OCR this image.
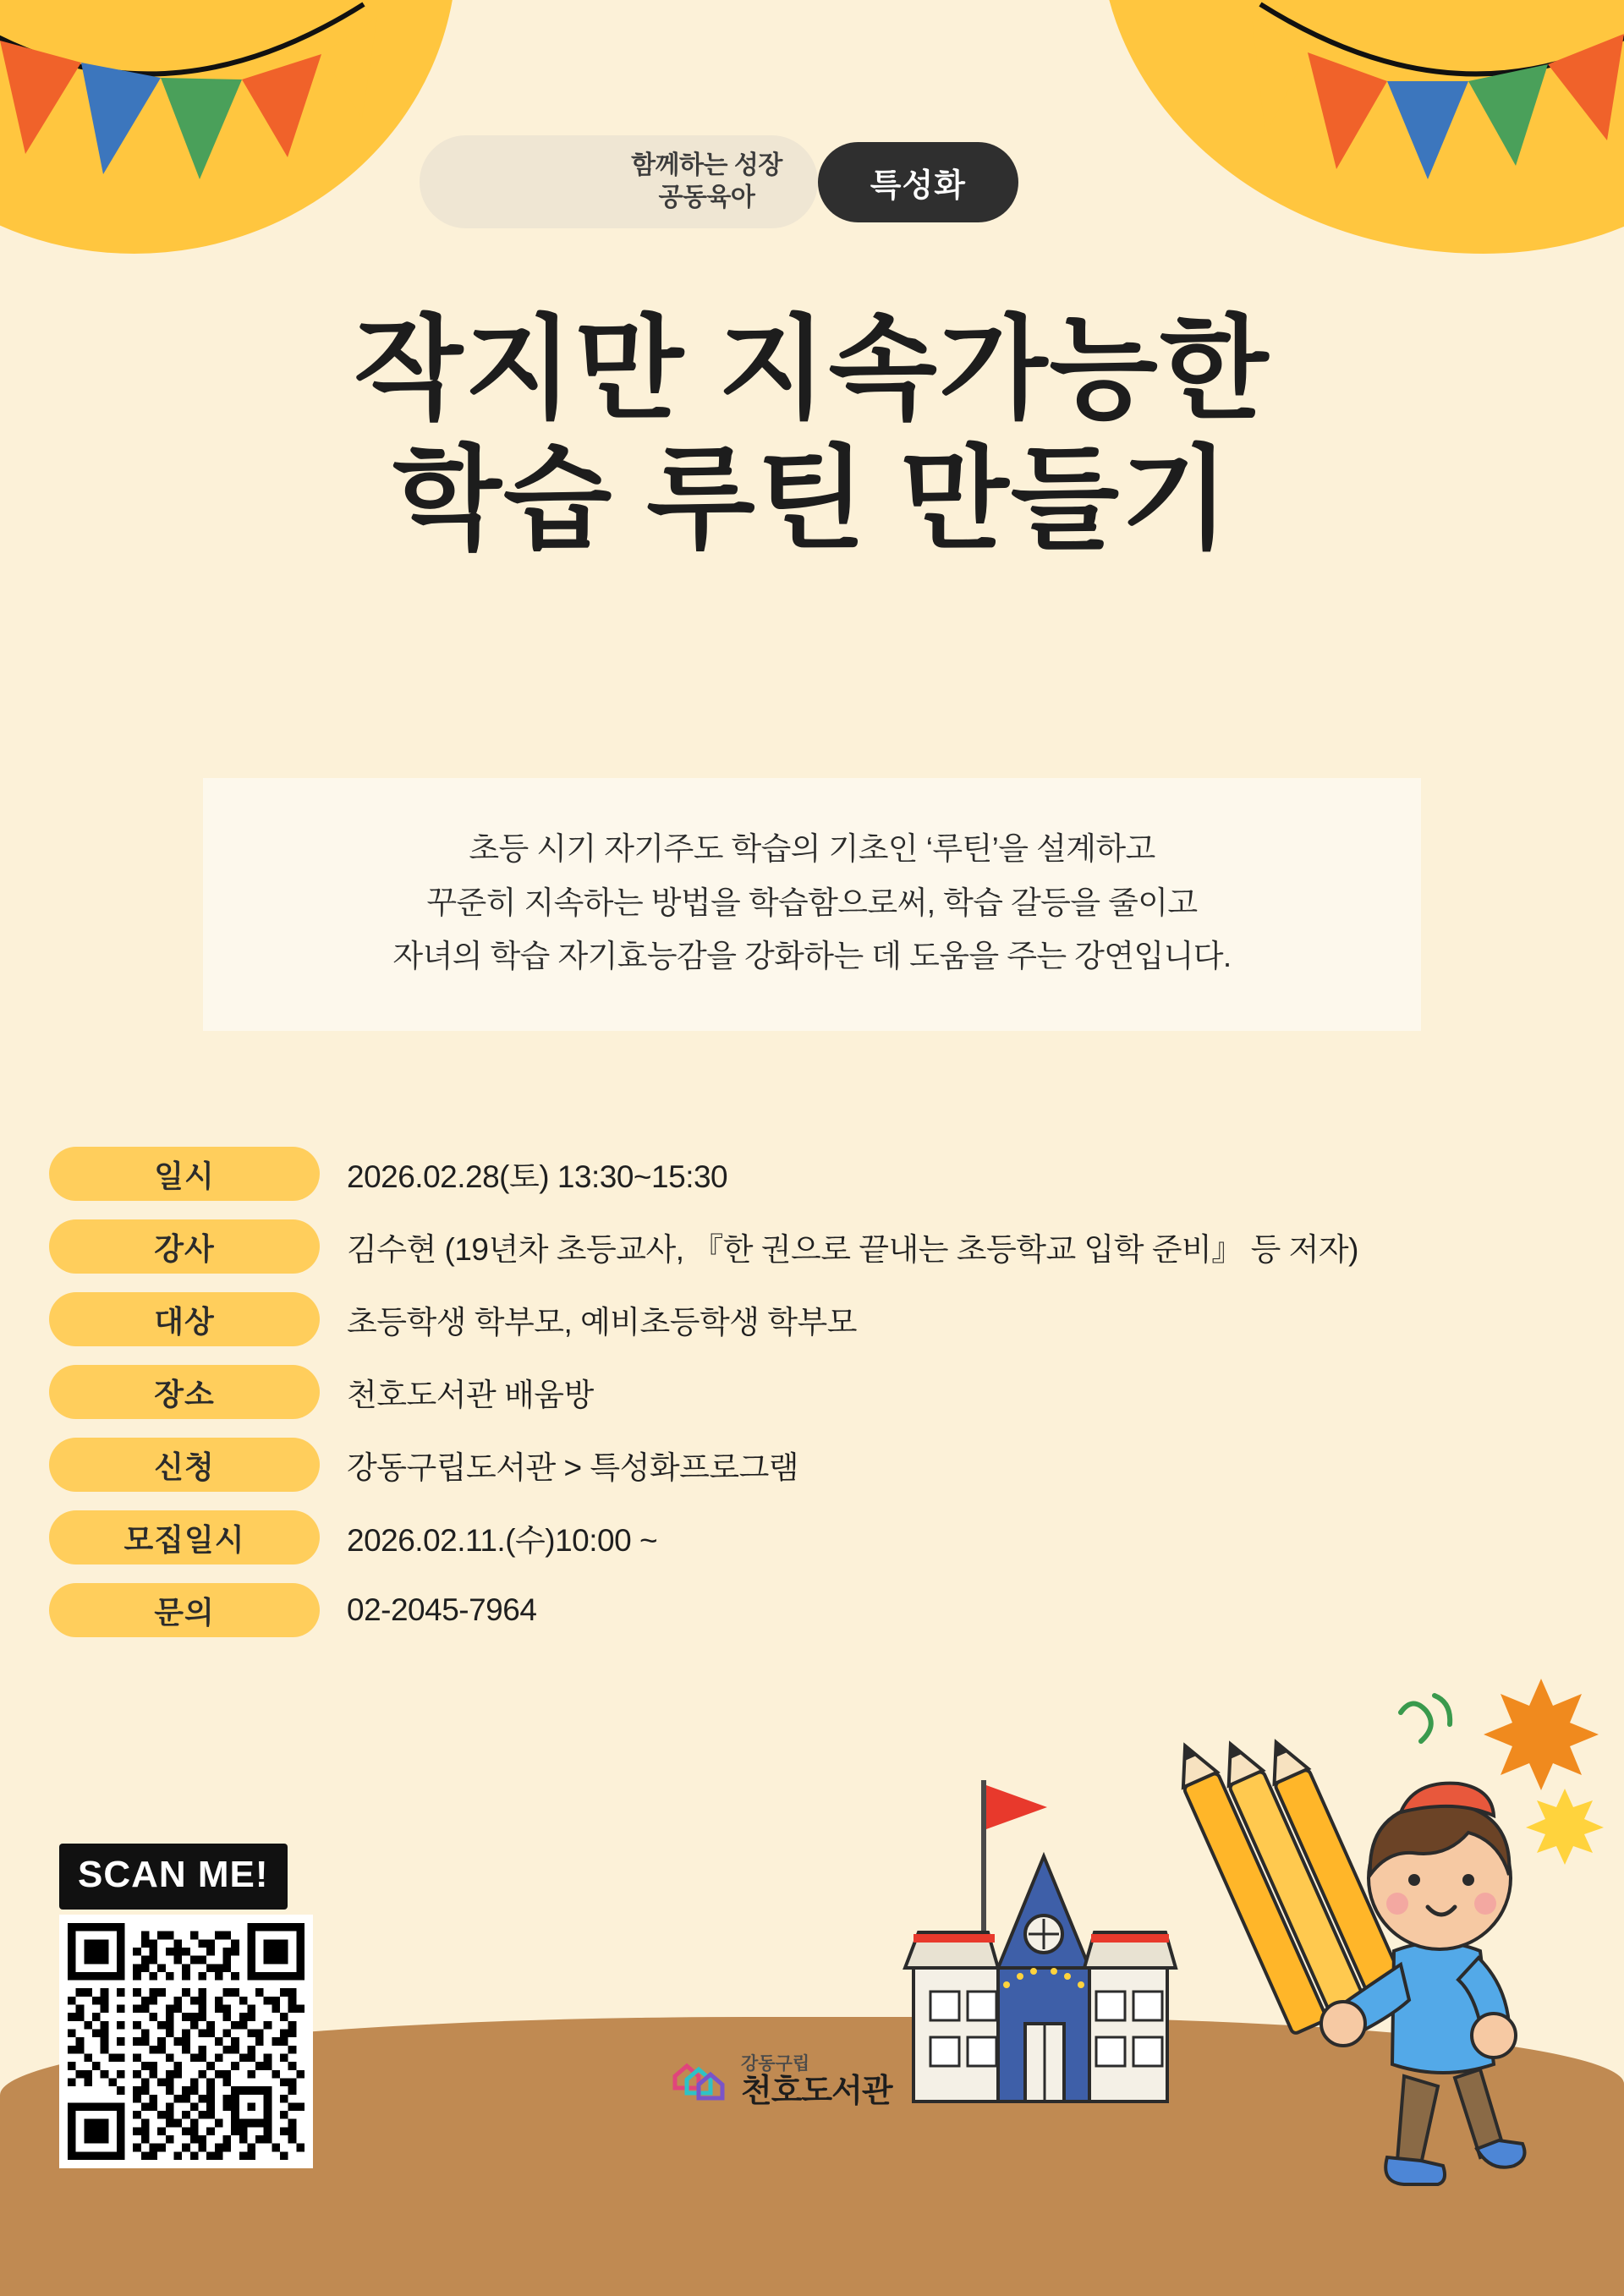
함께하는 성장
공동육아	특성화
작지만 지속가능한
학습 루틴 만들기
초등 시기 자기주도 학습의 기초인 ‘루틴’을 설계하고
꾸준히 지속하는 방법을 학습함으로써, 학습 갈등을 줄이고
자녀의 학습 자기효능감을 강화하는 데 도움을 주는 강연입니다.
일시	2026.02.28(토) 13:30~15:30
강사	김수현 (19년차 초등교사, 『한 권으로 끝내는 초등학교 입학 준비』 등 저자)
대상	초등학생 학부모, 예비초등학생 학부모
장소	천호도서관 배움방
신청	강동구립도서관 > 특성화프로그램
모집일시	2026.02.11.(수)10:00 ~
문의	02-2045-7964
SCAN ME!
강동구립
천호도서관
